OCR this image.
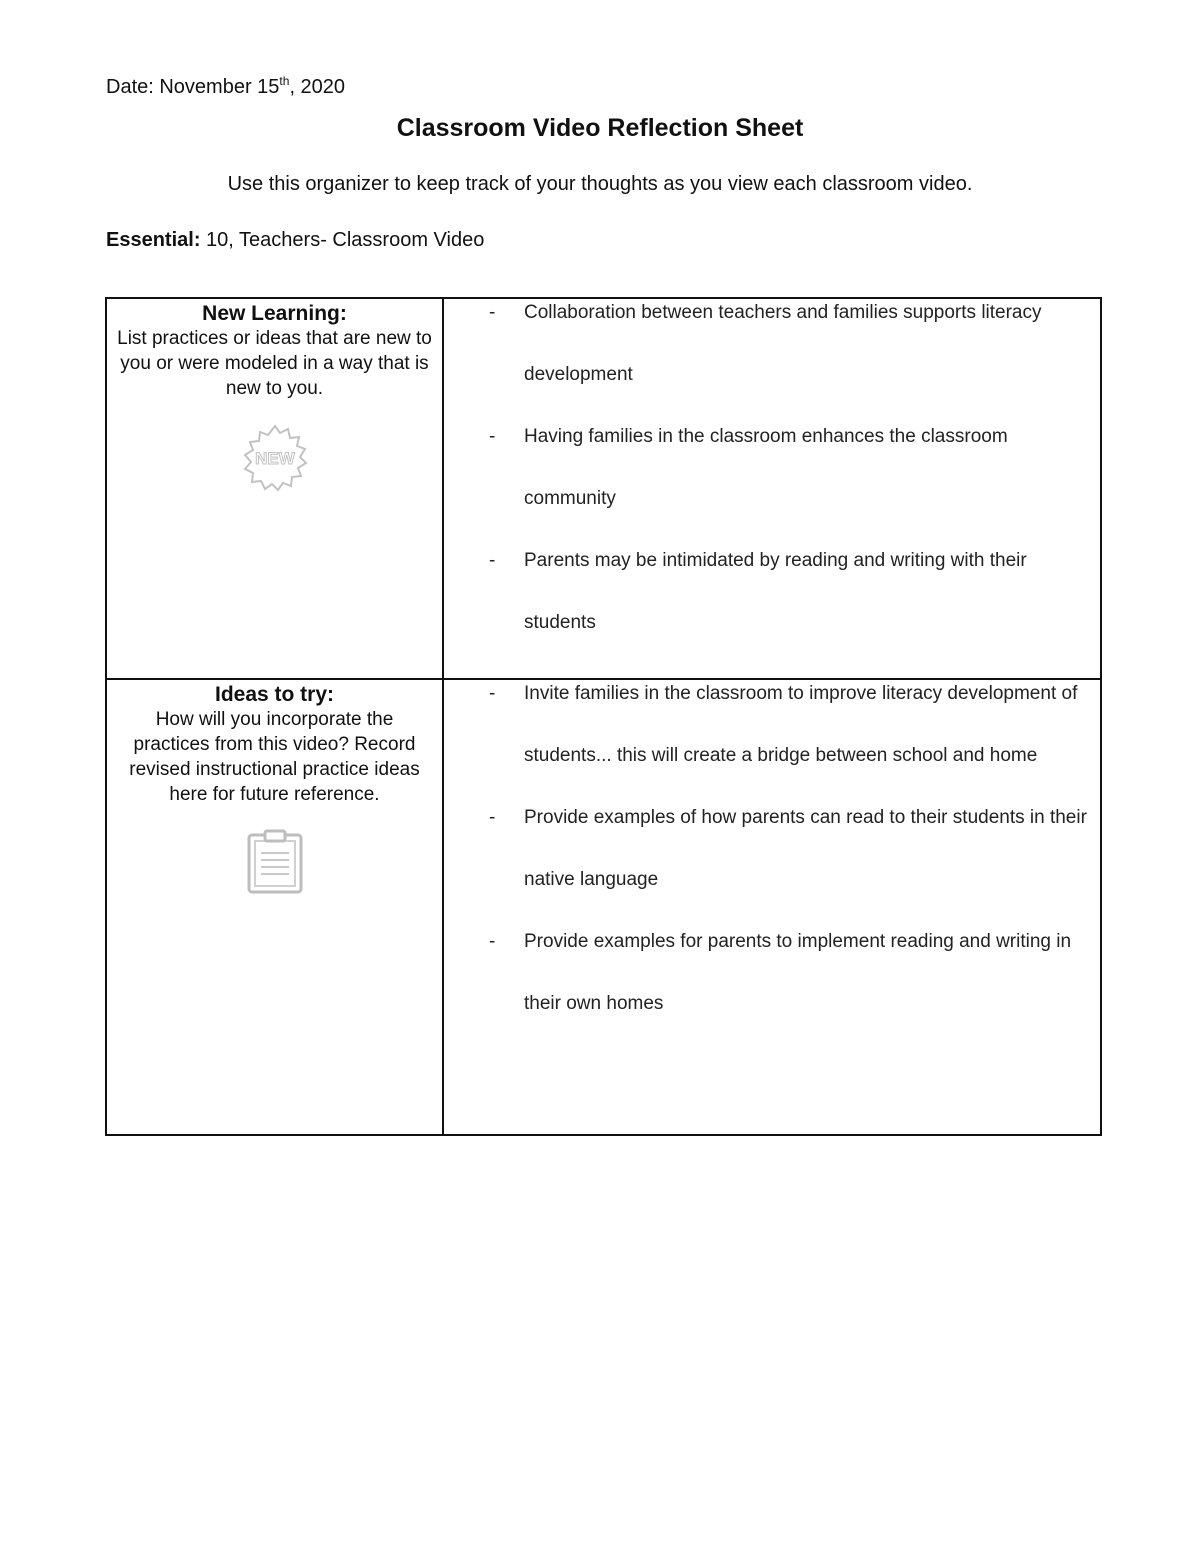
Date: November 15th, 2020
Classroom Video Reflection Sheet
Use this organizer to keep track of your thoughts as you view each classroom video.
Essential: 10, Teachers- Classroom Video
New Learning:
List practices or ideas that are new to you or were modeled in a way that is new to you.
NEW
- Collaboration between teachers and families supports literacy development
- Having families in the classroom enhances the classroom community
- Parents may be intimidated by reading and writing with their students
Ideas to try:
How will you incorporate the practices from this video? Record revised instructional practice ideas here for future reference.
- Invite families in the classroom to improve literacy development of students... this will create a bridge between school and home
- Provide examples of how parents can read to their students in their native language
- Provide examples for parents to implement reading and writing in their own homes
